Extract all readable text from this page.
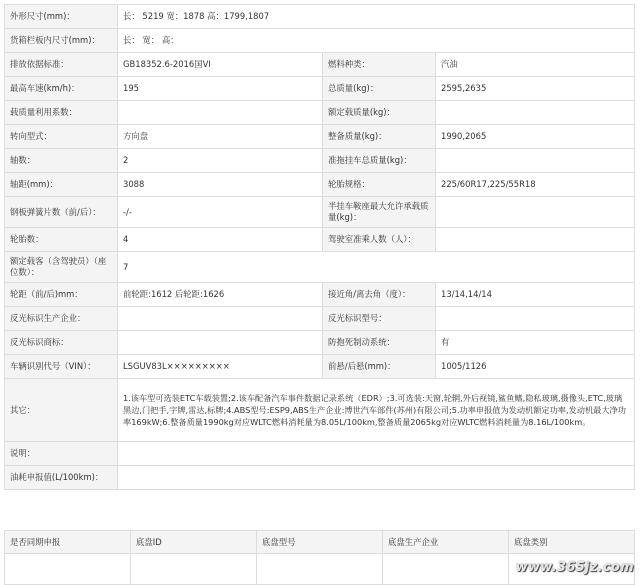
外形尺寸(mm)：	长： 5219 宽：1878 高：1799,1807		
货箱栏板内尺寸(mm)：	长： 宽： 高：		
排放依据标准：	GB18352.6-2016国VI	燃料种类：	汽油
最高车速(km/h)：	195	总质量(kg)：	2595,2635
载质量利用系数：		额定载质量(kg)：	
转向型式：	方向盘	整备质量(kg)：	1990,2065
轴数：	2	准拖挂车总质量(kg)：	
轴距(mm)：	3088	轮胎规格：	225/60R17,225/55R18
钢板弹簧片数（前/后）：	-/-	半挂车鞍座最大允许承载质量(kg)：	
轮胎数：	4	驾驶室准乘人数（人）：	
额定载客（含驾驶员）（座位数）：	7		
轮距（前/后)mm：	前轮距:1612 后轮距:1626	接近角/离去角（度）：	13/14,14/14
反光标识生产企业：		反光标识型号：	
反光标识商标：		防抱死制动系统：	有
车辆识别代号（VIN）：	LSGUV83L×××××××××	前悬/后悬(mm)：	1005/1126
其它：	1.该车型可选装ETC车载装置;2.该车配备汽车事件数据记录系统（EDR）;3.可选装:天窗,轮辋,外后视镜,鲨鱼鳍,隐私玻璃,摄像头,ETC,玻璃黑边,门把手,字牌,雷达,标牌;4.ABS型号:ESP9,ABS生产企业:博世汽车部件(苏州)有限公司;5.功率申报值为发动机额定功率,发动机最大净功率169kW;6.整备质量1990kg对应WLTC燃料消耗量为8.05L/100km,整备质量2065kg对应WLTC燃料消耗量为8.16L/100km。		
说明：			
油耗申报值(L/100km)：			
是否同期申报	底盘ID	底盘型号	底盘生产企业	底盘类别

www.365jz.com
